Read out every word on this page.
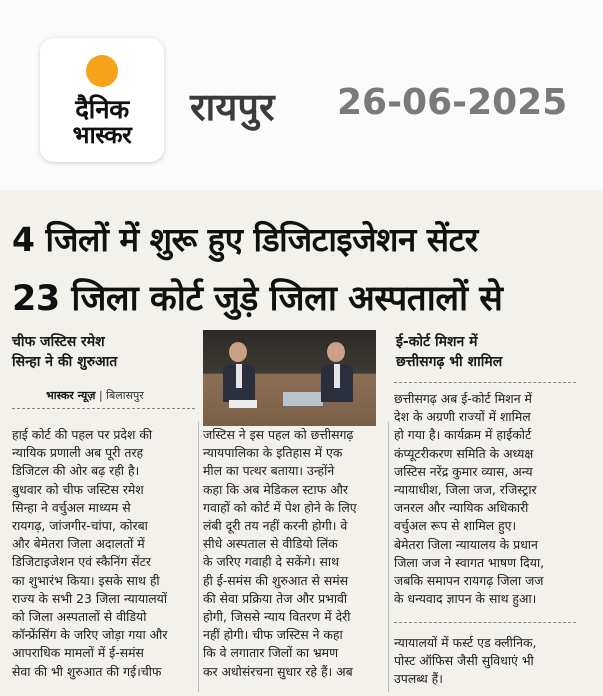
दैनिक
भास्कर
रायपुर 26-06-2025
4 जिलों में शुरू हुए डिजिटाइजेशन सेंटर
23 जिला कोर्ट जुड़े जिला अस्पतालों से
चीफ जस्टिस रमेश
सिन्हा ने की शुरुआत
भास्कर न्यूज़ | बिलासपुर
ई-कोर्ट मिशन में
छत्तीसगढ़ भी शामिल
हाई कोर्ट की पहल पर प्रदेश की
न्यायिक प्रणाली अब पूरी तरह
डिजिटल की ओर बढ़ रही है।
बुधवार को चीफ जस्टिस रमेश
सिन्हा ने वर्चुअल माध्यम से
रायगढ़, जांजगीर-चांपा, कोरबा
और बेमेतरा जिला अदालतों में
डिजिटाइजेशन एवं स्कैनिंग सेंटर
का शुभारंभ किया। इसके साथ ही
राज्य के सभी 23 जिला न्यायालयों
को जिला अस्पतालों से वीडियो
कॉन्फ्रेंसिंग के जरिए जोड़ा गया और
आपराधिक मामलों में ई-समंस
सेवा की भी शुरुआत की गई।चीफ
जस्टिस ने इस पहल को छत्तीसगढ़
न्यायपालिका के इतिहास में एक
मील का पत्थर बताया। उन्होंने
कहा कि अब मेडिकल स्टाफ और
गवाहों को कोर्ट में पेश होने के लिए
लंबी दूरी तय नहीं करनी होगी। वे
सीधे अस्पताल से वीडियो लिंक
के जरिए गवाही दे सकेंगे। साथ
ही ई-समंस की शुरुआत से समंस
की सेवा प्रक्रिया तेज और प्रभावी
होगी, जिससे न्याय वितरण में देरी
नहीं होगी। चीफ जस्टिस ने कहा
कि वे लगातार जिलों का भ्रमण
कर अधोसंरचना सुधार रहे हैं। अब
छत्तीसगढ़ अब ई-कोर्ट मिशन में
देश के अग्रणी राज्यों में शामिल
हो गया है। कार्यक्रम में हाईकोर्ट
कंप्यूटरीकरण समिति के अध्यक्ष
जस्टिस नरेंद्र कुमार व्यास, अन्य
न्यायाधीश, जिला जज, रजिस्ट्रार
जनरल और न्यायिक अधिकारी
वर्चुअल रूप से शामिल हुए।
बेमेतरा जिला न्यायालय के प्रधान
जिला जज ने स्वागत भाषण दिया,
जबकि समापन रायगढ़ जिला जज
के धन्यवाद ज्ञापन के साथ हुआ।
न्यायालयों में फर्स्ट एड क्लीनिक,
पोस्ट ऑफिस जैसी सुविधाएं भी
उपलब्ध हैं।
